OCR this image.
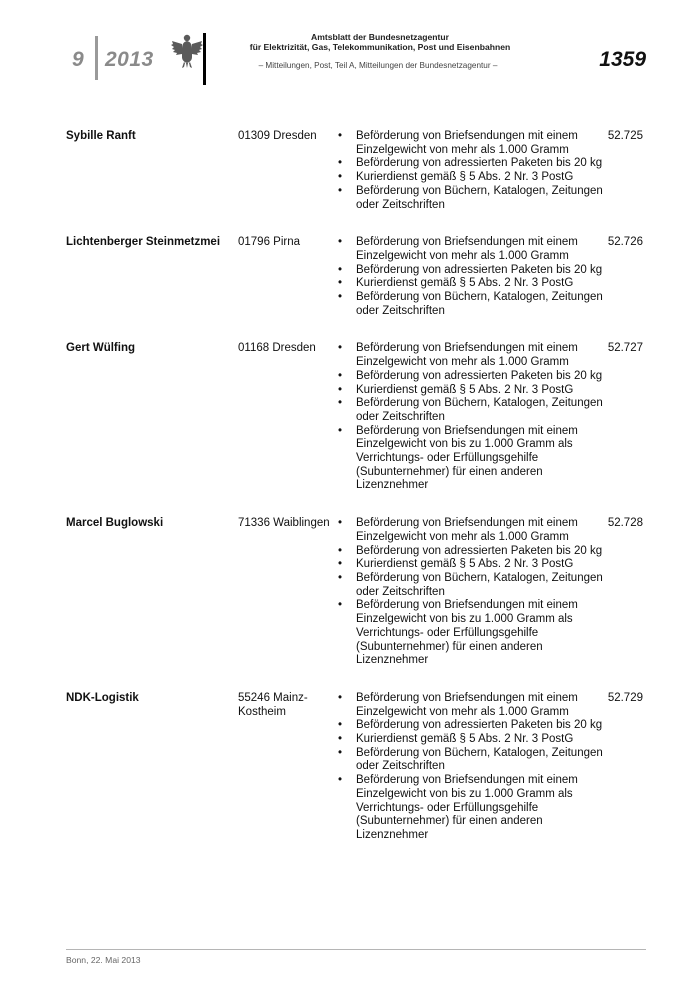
9 2013
Amtsblatt der Bundesnetzagentur
für Elektrizität, Gas, Telekommunikation, Post und Eisenbahnen
– Mitteilungen, Post, Teil A, Mitteilungen der Bundesnetzagentur –	1359
Sybille Ranft	01309 Dresden	• Beförderung von Briefsendungen mit einem Einzelgewicht von mehr als 1.000 Gramm
• Beförderung von adressierten Paketen bis 20 kg
• Kurierdienst gemäß § 5 Abs. 2 Nr. 3 PostG
• Beförderung von Büchern, Katalogen, Zeitungen oder Zeitschriften
52.725
Lichtenberger Steinmetzmei	01796 Pirna	• Beförderung von Briefsendungen mit einem Einzelgewicht von mehr als 1.000 Gramm
• Beförderung von adressierten Paketen bis 20 kg
• Kurierdienst gemäß § 5 Abs. 2 Nr. 3 PostG
• Beförderung von Büchern, Katalogen, Zeitungen oder Zeitschriften
52.726
Gert Wülfing	01168 Dresden	• Beförderung von Briefsendungen mit einem Einzelgewicht von mehr als 1.000 Gramm
• Beförderung von adressierten Paketen bis 20 kg
• Kurierdienst gemäß § 5 Abs. 2 Nr. 3 PostG
• Beförderung von Büchern, Katalogen, Zeitungen oder Zeitschriften
• Beförderung von Briefsendungen mit einem Einzelgewicht von bis zu 1.000 Gramm als Verrichtungs- oder Erfüllungsgehilfe (Subunternehmer) für einen anderen Lizenznehmer
52.727
Marcel Buglowski	71336 Waiblingen • Beförderung von Briefsendungen mit einem Einzelgewicht von mehr als 1.000 Gramm
• Beförderung von adressierten Paketen bis 20 kg
• Kurierdienst gemäß § 5 Abs. 2 Nr. 3 PostG
• Beförderung von Büchern, Katalogen, Zeitungen oder Zeitschriften
• Beförderung von Briefsendungen mit einem Einzelgewicht von bis zu 1.000 Gramm als Verrichtungs- oder Erfüllungsgehilfe (Subunternehmer) für einen anderen Lizenznehmer
52.728
NDK-Logistik	55246 Mainz-Kostheim
• Beförderung von Briefsendungen mit einem Einzelgewicht von mehr als 1.000 Gramm
• Beförderung von adressierten Paketen bis 20 kg
• Kurierdienst gemäß § 5 Abs. 2 Nr. 3 PostG
• Beförderung von Büchern, Katalogen, Zeitungen oder Zeitschriften
• Beförderung von Briefsendungen mit einem Einzelgewicht von bis zu 1.000 Gramm als Verrichtungs- oder Erfüllungsgehilfe (Subunternehmer) für einen anderen Lizenznehmer
52.729
Bonn, 22. Mai 2013
